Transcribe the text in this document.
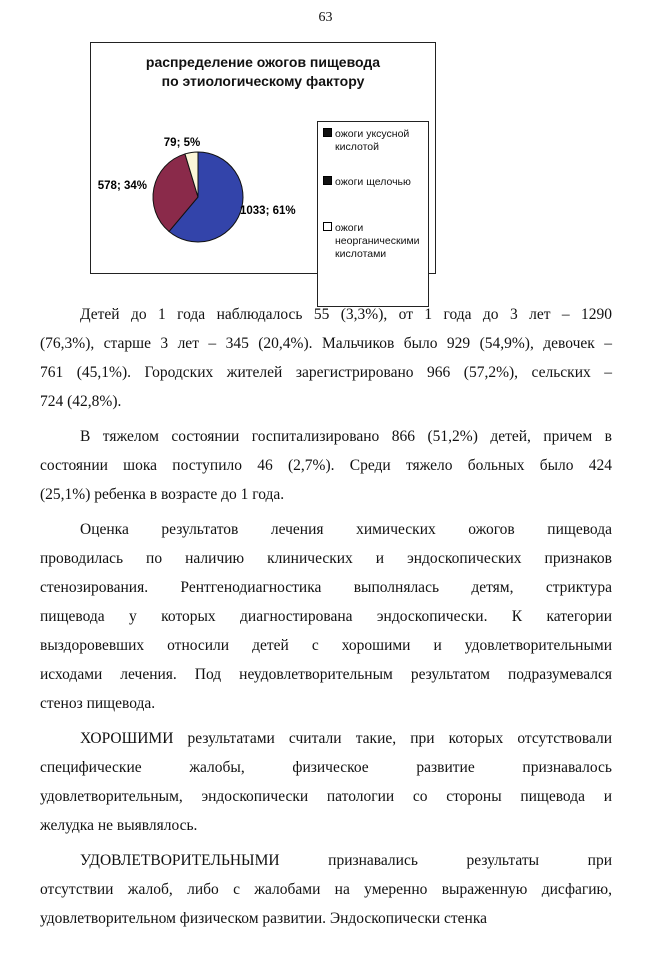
63
распределение ожогов пищевода
по этиологическому фактору
1033; 61%
578; 34%
79; 5%
ожоги уксусной
кислотой
ожоги щелочью
ожоги
неорганическими
кислотами
Детей до 1 года наблюдалось 55 (3,3%), от 1 года до 3 лет – 1290
(76,3%), старше 3 лет – 345 (20,4%). Мальчиков было 929 (54,9%), девочек –
761 (45,1%). Городских жителей зарегистрировано 966 (57,2%), сельских –
724 (42,8%).
В тяжелом состоянии госпитализировано 866 (51,2%) детей, причем в
состоянии шока поступило 46 (2,7%). Среди тяжело больных было 424
(25,1%) ребенка в возрасте до 1 года.
Оценка результатов лечения химических ожогов пищевода
проводилась по наличию клинических и эндоскопических признаков
стенозирования. Рентгенодиагностика выполнялась детям, стриктура
пищевода у которых диагностирована эндоскопически. К категории
выздоровевших относили детей с хорошими и удовлетворительными
исходами лечения. Под неудовлетворительным результатом подразумевался
стеноз пищевода.
ХОРОШИМИ результатами считали такие, при которых отсутствовали
специфические жалобы, физическое развитие признавалось
удовлетворительным, эндоскопически патологии со стороны пищевода и
желудка не выявлялось.
УДОВЛЕТВОРИТЕЛЬНЫМИ признавались результаты при
отсутствии жалоб, либо с жалобами на умеренно выраженную дисфагию,
удовлетворительном физическом развитии. Эндоскопически стенка
